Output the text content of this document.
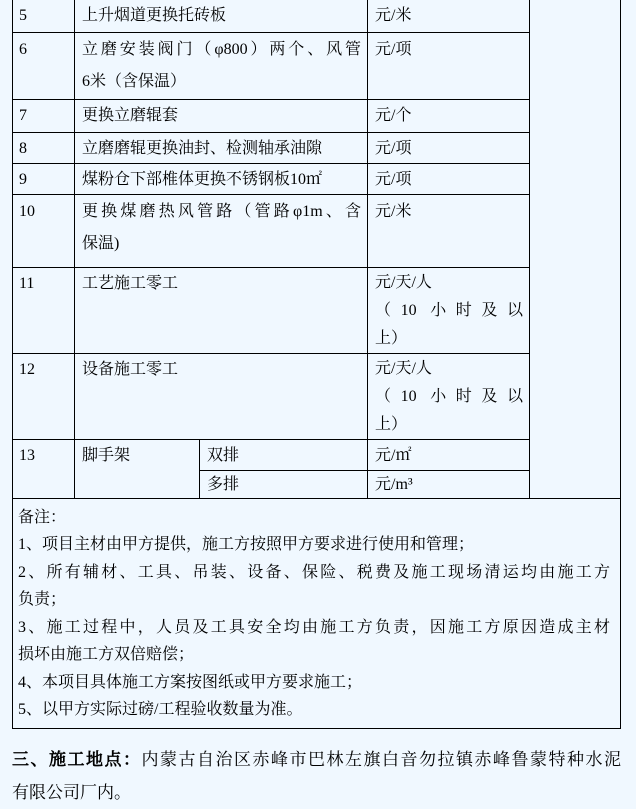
5	上升烟道更换托砖板		元/米	
6	立磨安装阀门（φ800）两个、风管
6米（含保温）		元/项	
7	更换立磨辊套		元/个	
8	立磨磨辊更换油封、检测轴承油隙		元/项	
9	煤粉仓下部椎体更换不锈钢板10㎡		元/项	
10	更换煤磨热风管路（管路φ1m、含
保温)		元/米	
11	工艺施工零工		元/天/人
（10 小时及以
上）	

12	设备施工零工		元/天/人
（10 小时及以
上）	

13	脚手架	双排	元/㎡	
		多排	元/m³	

备注：
1、项目主材由甲方提供，施工方按照甲方要求进行使用和管理；
2、所有辅材、工具、吊装、设备、保险、税费及施工现场清运均由施工方
负责；
3、施工过程中，人员及工具安全均由施工方负责，因施工方原因造成主材
损坏由施工方双倍赔偿；
4、本项目具体施工方案按图纸或甲方要求施工；
5、以甲方实际过磅/工程验收数量为准。
三、施工地点：内蒙古自治区赤峰市巴林左旗白音勿拉镇赤峰鲁蒙特种水泥
有限公司厂内。
